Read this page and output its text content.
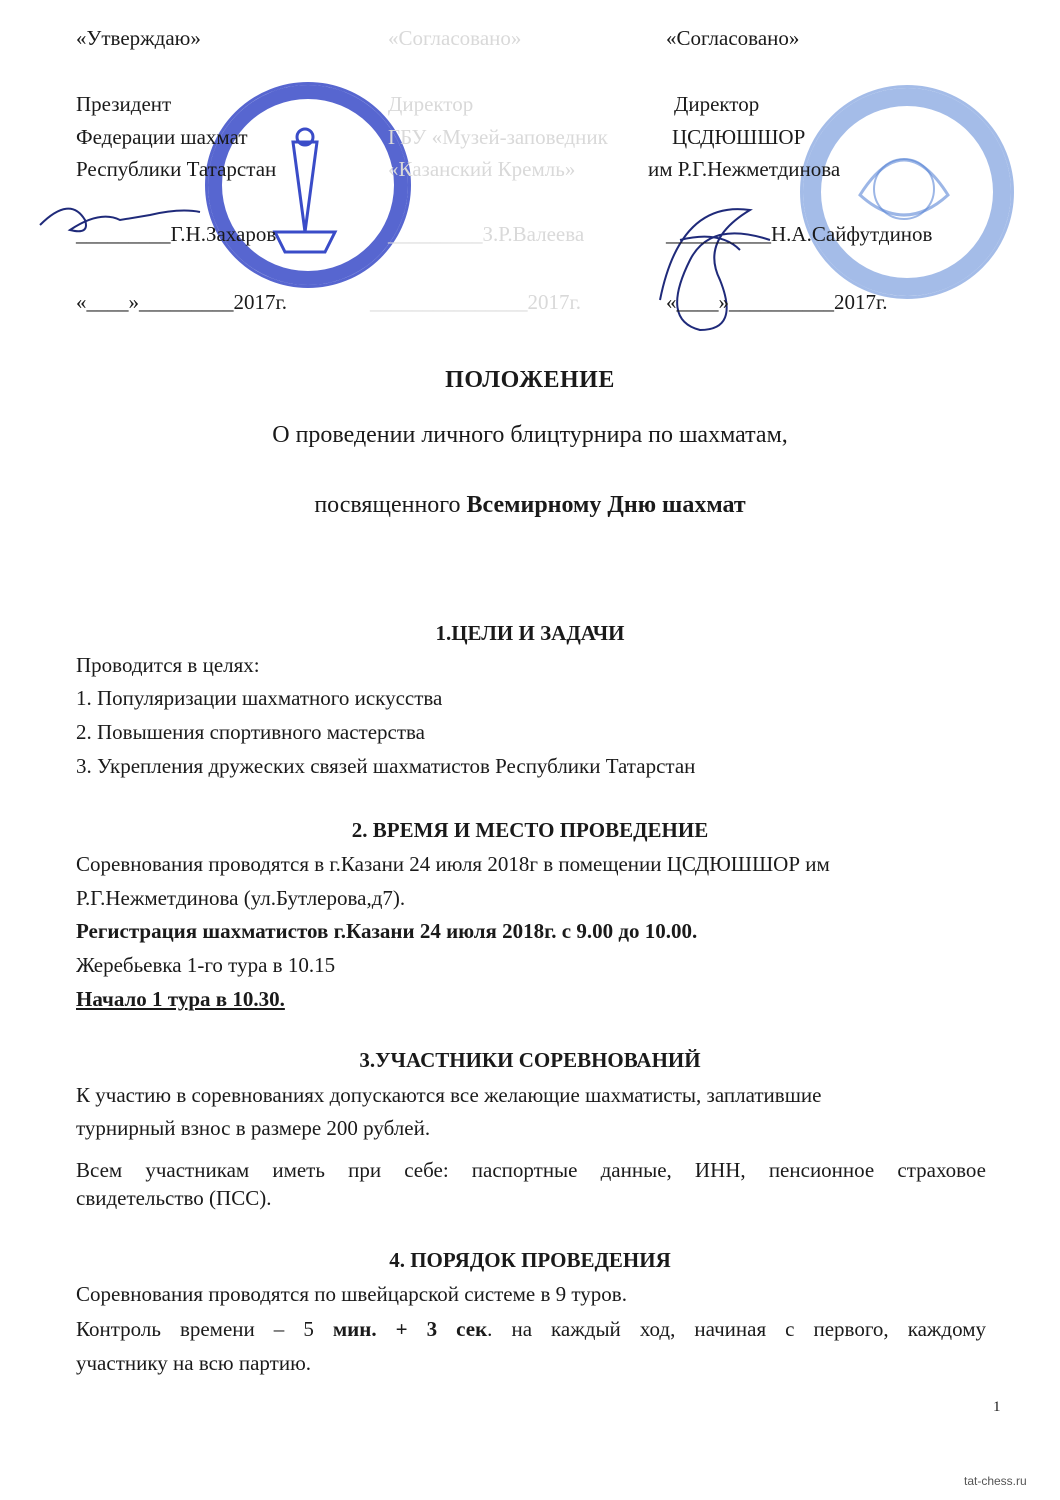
«Утверждаю»
Президент
Федерации шахмат
Республики Татарстан
_________Г.Н.Захаров
«____»_________2017г.
«Согласовано»
Директор
ГБУ «Музей-заповедник
«Казанский Кремль»
_________З.Р.Валеева
_______________2017г.
«Согласовано»
Директор
ЦСДЮШШОР
им Р.Г.Нежметдинова
__________Н.А.Сайфутдинов
«____»__________2017г.
ПОЛОЖЕНИЕ
О проведении личного блицтурнира по шахматам,
посвященного Всемирному Дню шахмат
1.ЦЕЛИ И ЗАДАЧИ
Проводится в целях:
1. Популяризации шахматного искусства
2. Повышения спортивного мастерства
3. Укрепления дружеских связей шахматистов Республики Татарстан
2. ВРЕМЯ И МЕСТО ПРОВЕДЕНИЕ
Соревнования проводятся в г.Казани 24 июля 2018г в помещении ЦСДЮШШОР им
Р.Г.Нежметдинова (ул.Бутлерова,д7).
Регистрация шахматистов г.Казани 24 июля 2018г. с 9.00 до 10.00.
Жеребьевка 1-го тура в 10.15
Начало 1 тура в 10.30.
3.УЧАСТНИКИ СОРЕВНОВАНИЙ
К участию в соревнованиях допускаются все желающие шахматисты, заплатившие
турнирный взнос в размере 200 рублей.
Всем участникам иметь при себе: паспортные данные, ИНН, пенсионное страховое
свидетельство (ПСС).
4. ПОРЯДОК ПРОВЕДЕНИЯ
Соревнования проводятся по швейцарской системе в 9 туров.
Контроль времени – 5 мин. + 3 сек. на каждый ход, начиная с первого, каждому
участнику на всю партию.
1
tat-chess.ru
